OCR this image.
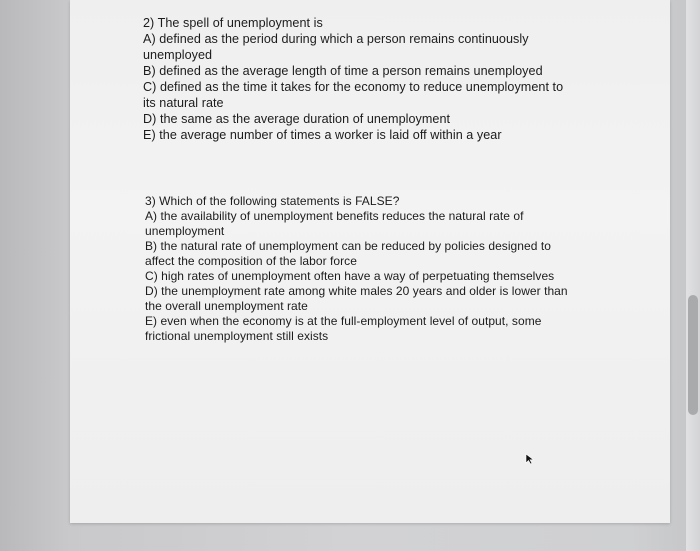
2) The spell of unemployment is

A) defined as the period during which a person remains continuously unemployed

B) defined as the average length of time a person remains unemployed

C) defined as the time it takes for the economy to reduce unemployment to its natural rate

D) the same as the average duration of unemployment

E) the average number of times a worker is laid off within a year

3) Which of the following statements is FALSE?

A) the availability of unemployment benefits reduces the natural rate of unemployment

B) the natural rate of unemployment can be reduced by policies designed to affect the composition of the labor force

C) high rates of unemployment often have a way of perpetuating themselves

D) the unemployment rate among white males 20 years and older is lower than the overall unemployment rate

E) even when the economy is at the full-employment level of output, some frictional unemployment still exists
